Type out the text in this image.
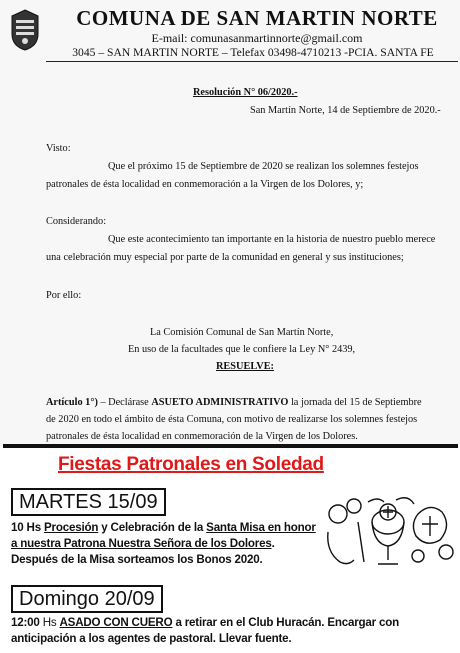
COMUNA DE SAN MARTIN NORTE
E-mail: comunasanmartinnorte@gmail.com
3045 – SAN MARTIN NORTE – Telefax 03498-4710213 -PCIA. SANTA FE
Resolución N° 06/2020.-
San Martín Norte, 14 de Septiembre de 2020.-
Visto:
Que el próximo 15 de Septiembre de 2020 se realizan los solemnes festejos
patronales de ésta localidad en conmemoración a la Virgen de los Dolores, y;
Considerando:
Que este acontecimiento tan importante en la historia de nuestro pueblo merece
una celebración muy especial por parte de la comunidad en general y sus instituciones;
Por ello:
La Comisión Comunal de San Martín Norte,
En uso de la facultades que le confiere la Ley N° 2439,
RESUELVE:
Artículo 1°) – Declárase ASUETO ADMINISTRATIVO la jornada del 15 de Septiembre
de 2020 en todo el ámbito de ésta Comuna, con motivo de realizarse los solemnes festejos
patronales de ésta localidad en conmemoración de la Virgen de los Dolores.
Fiestas Patronales en Soledad
MARTES 15/09
10 Hs Procesión y Celebración de la Santa Misa en honor
a nuestra Patrona Nuestra Señora de los Dolores.
Después de la Misa sorteamos los Bonos 2020.
Domingo 20/09
12:00 Hs ASADO CON CUERO a retirar en el Club Huracán. Encargar con
anticipación a los agentes de pastoral. Llevar fuente.
